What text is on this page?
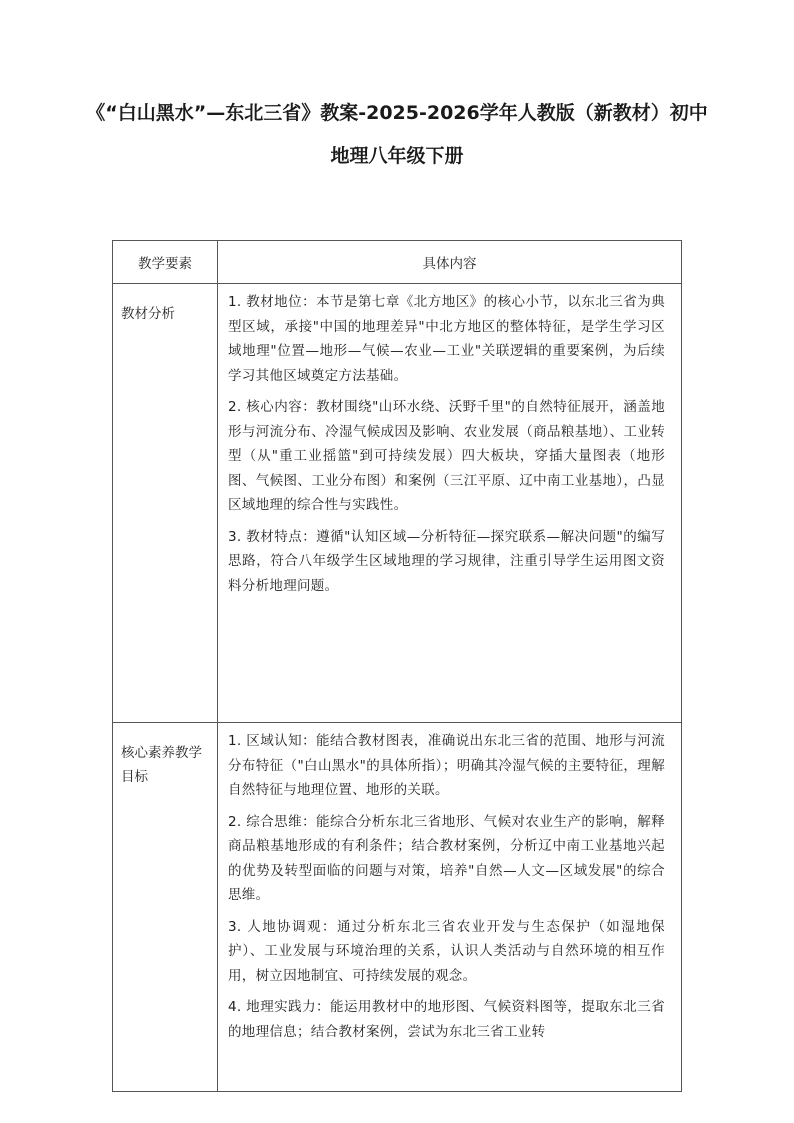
《“白山黑水”—东北三省》教案-2025-2026学年人教版（新教材）初中地理八年级下册
教学要素	具体内容
教材分析	1. 教材地位：本节是第七章《北方地区》的核心小节，以东北三省为典型区域，承接"中国的地理差异"中北方地区的整体特征，是学生学习区域地理"位置—地形—气候—农业—工业"关联逻辑的重要案例，为后续学习其他区域奠定方法基础。

2. 核心内容：教材围绕"山环水绕、沃野千里"的自然特征展开，涵盖地形与河流分布、冷湿气候成因及影响、农业发展（商品粮基地）、工业转型（从"重工业摇篮"到可持续发展）四大板块，穿插大量图表（地形图、气候图、工业分布图）和案例（三江平原、辽中南工业基地），凸显区域地理的综合性与实践性。

3. 教材特点：遵循"认知区域—分析特征—探究联系—解决问题"的编写思路，符合八年级学生区域地理的学习规律，注重引导学生运用图文资料分析地理问题。

核心素养教学目标	1. 区域认知：能结合教材图表，准确说出东北三省的范围、地形与河流分布特征（"白山黑水"的具体所指）；明确其冷湿气候的主要特征，理解自然特征与地理位置、地形的关联。

2. 综合思维：能综合分析东北三省地形、气候对农业生产的影响，解释商品粮基地形成的有利条件；结合教材案例，分析辽中南工业基地兴起的优势及转型面临的问题与对策，培养"自然—人文—区域发展"的综合思维。

3. 人地协调观：通过分析东北三省农业开发与生态保护（如湿地保护）、工业发展与环境治理的关系，认识人类活动与自然环境的相互作用，树立因地制宜、可持续发展的观念。

4. 地理实践力：能运用教材中的地形图、气候资料图等，提取东北三省的地理信息；结合教材案例，尝试为东北三省工业转
